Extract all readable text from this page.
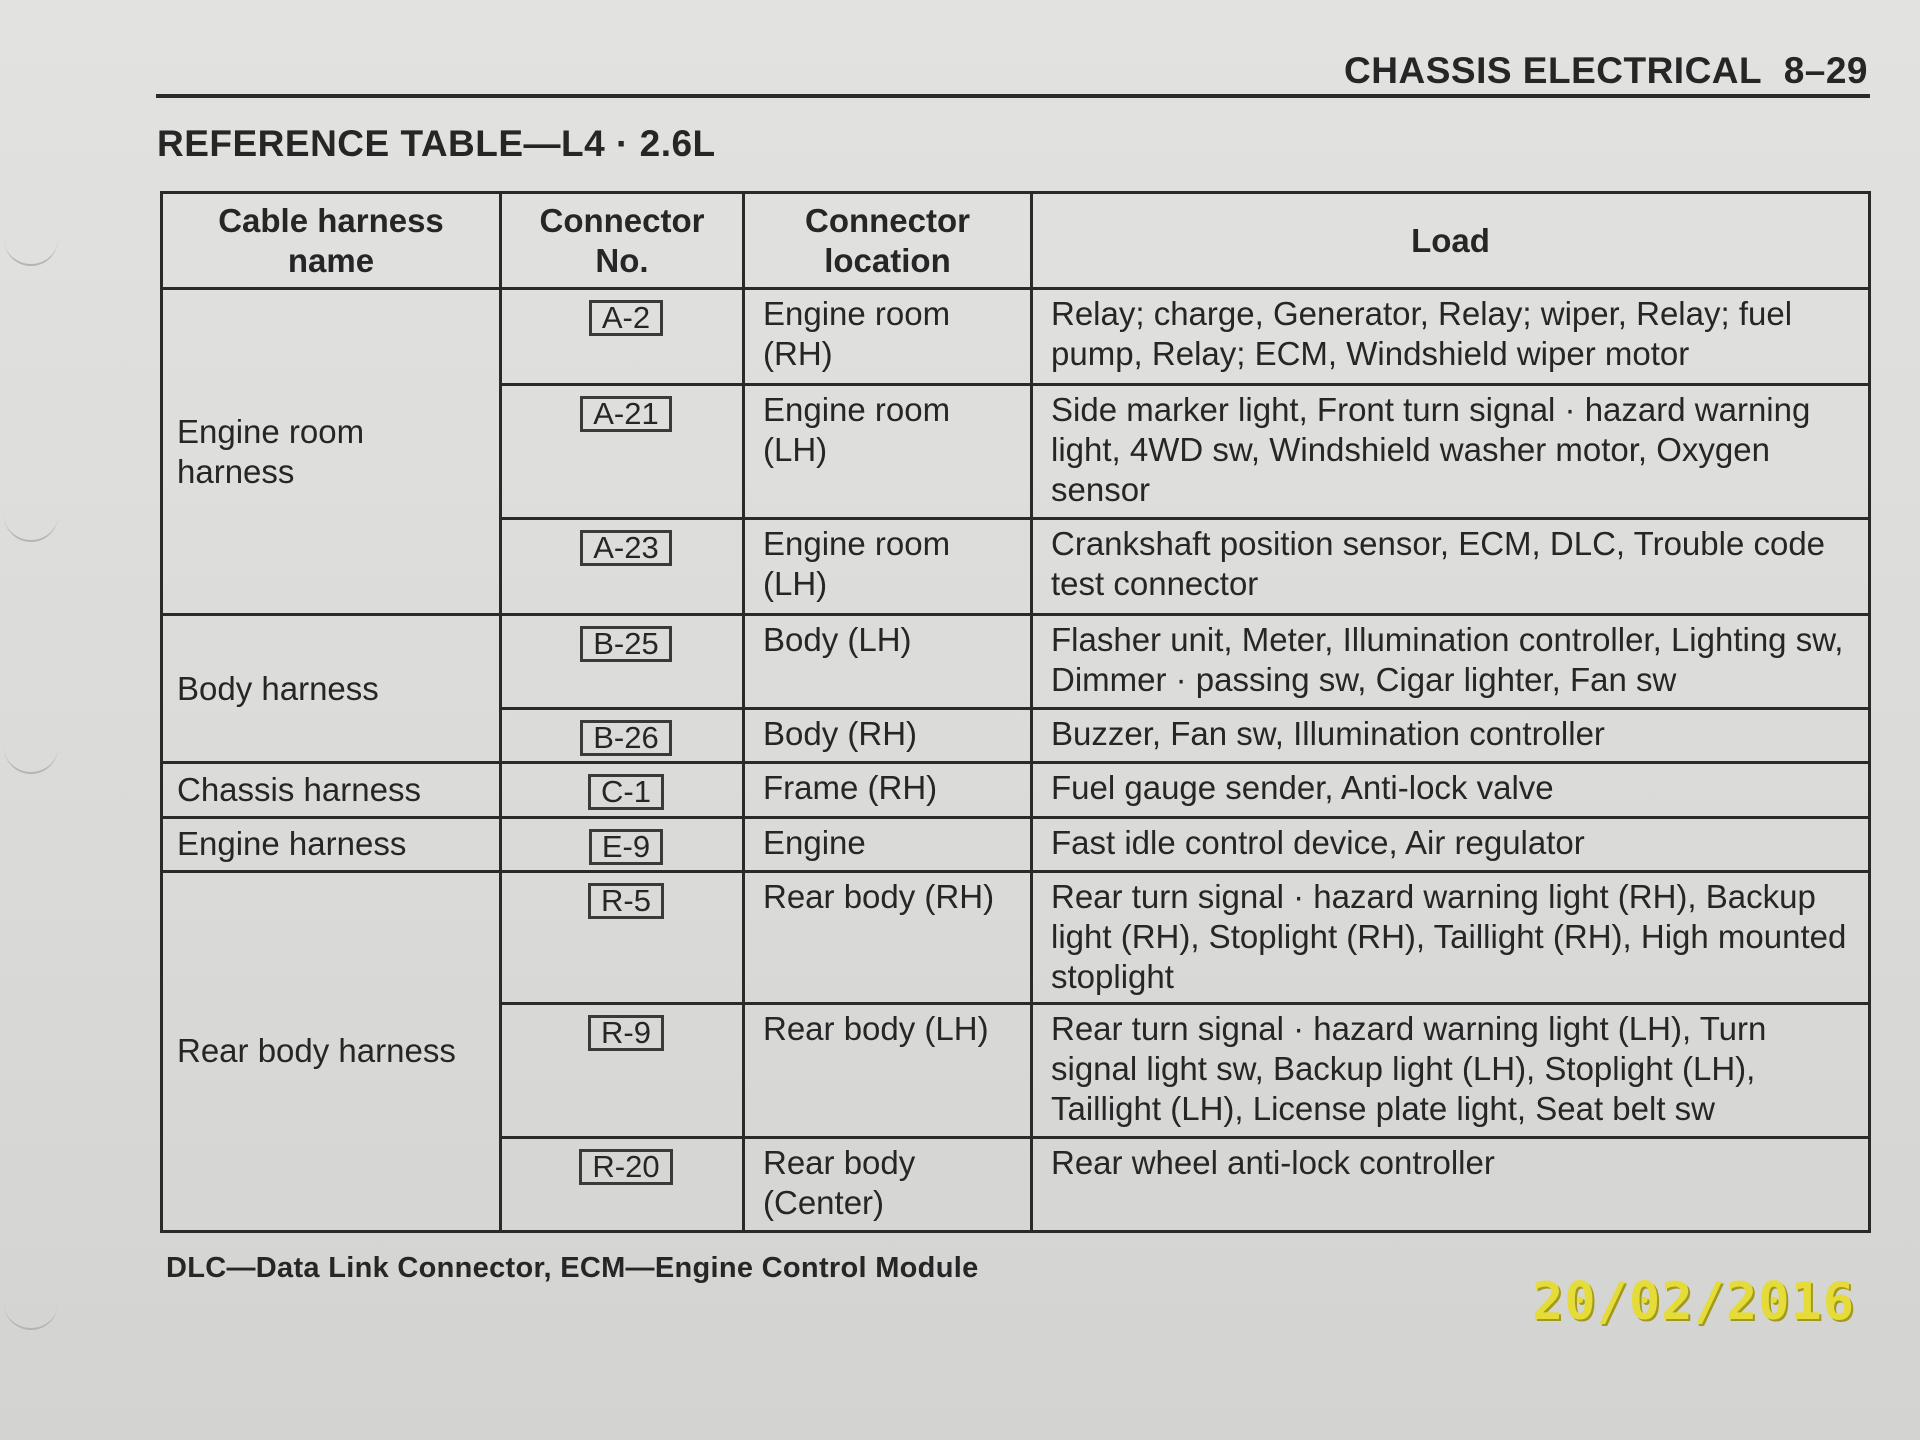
CHASSIS ELECTRICAL 8–29
REFERENCE TABLE—L4 · 2.6L
Cable harness name	Connector No.	Connector location	Load
Engine room harness	A-2	Engine room (RH)	Relay; charge, Generator, Relay; wiper, Relay; fuel pump, Relay; ECM, Windshield wiper motor
	A-21	Engine room (LH)	Side marker light, Front turn signal · hazard warning light, 4WD sw, Windshield washer motor, Oxygen sensor
	A-23	Engine room (LH)	Crankshaft position sensor, ECM, DLC, Trouble code test connector
Body harness	B-25	Body (LH)	Flasher unit, Meter, Illumination controller, Lighting sw, Dimmer · passing sw, Cigar lighter, Fan sw
	B-26	Body (RH)	Buzzer, Fan sw, Illumination controller
Chassis harness	C-1	Frame (RH)	Fuel gauge sender, Anti-lock valve
Engine harness	E-9	Engine	Fast idle control device, Air regulator
Rear body harness	R-5	Rear body (RH)	Rear turn signal · hazard warning light (RH), Backup light (RH), Stoplight (RH), Taillight (RH), High mounted stoplight
	R-9	Rear body (LH)	Rear turn signal · hazard warning light (LH), Turn signal light sw, Backup light (LH), Stoplight (LH), Taillight (LH), License plate light, Seat belt sw
	R-20	Rear body (Center)	Rear wheel anti-lock controller
DLC—Data Link Connector, ECM—Engine Control Module
20/02/2016
